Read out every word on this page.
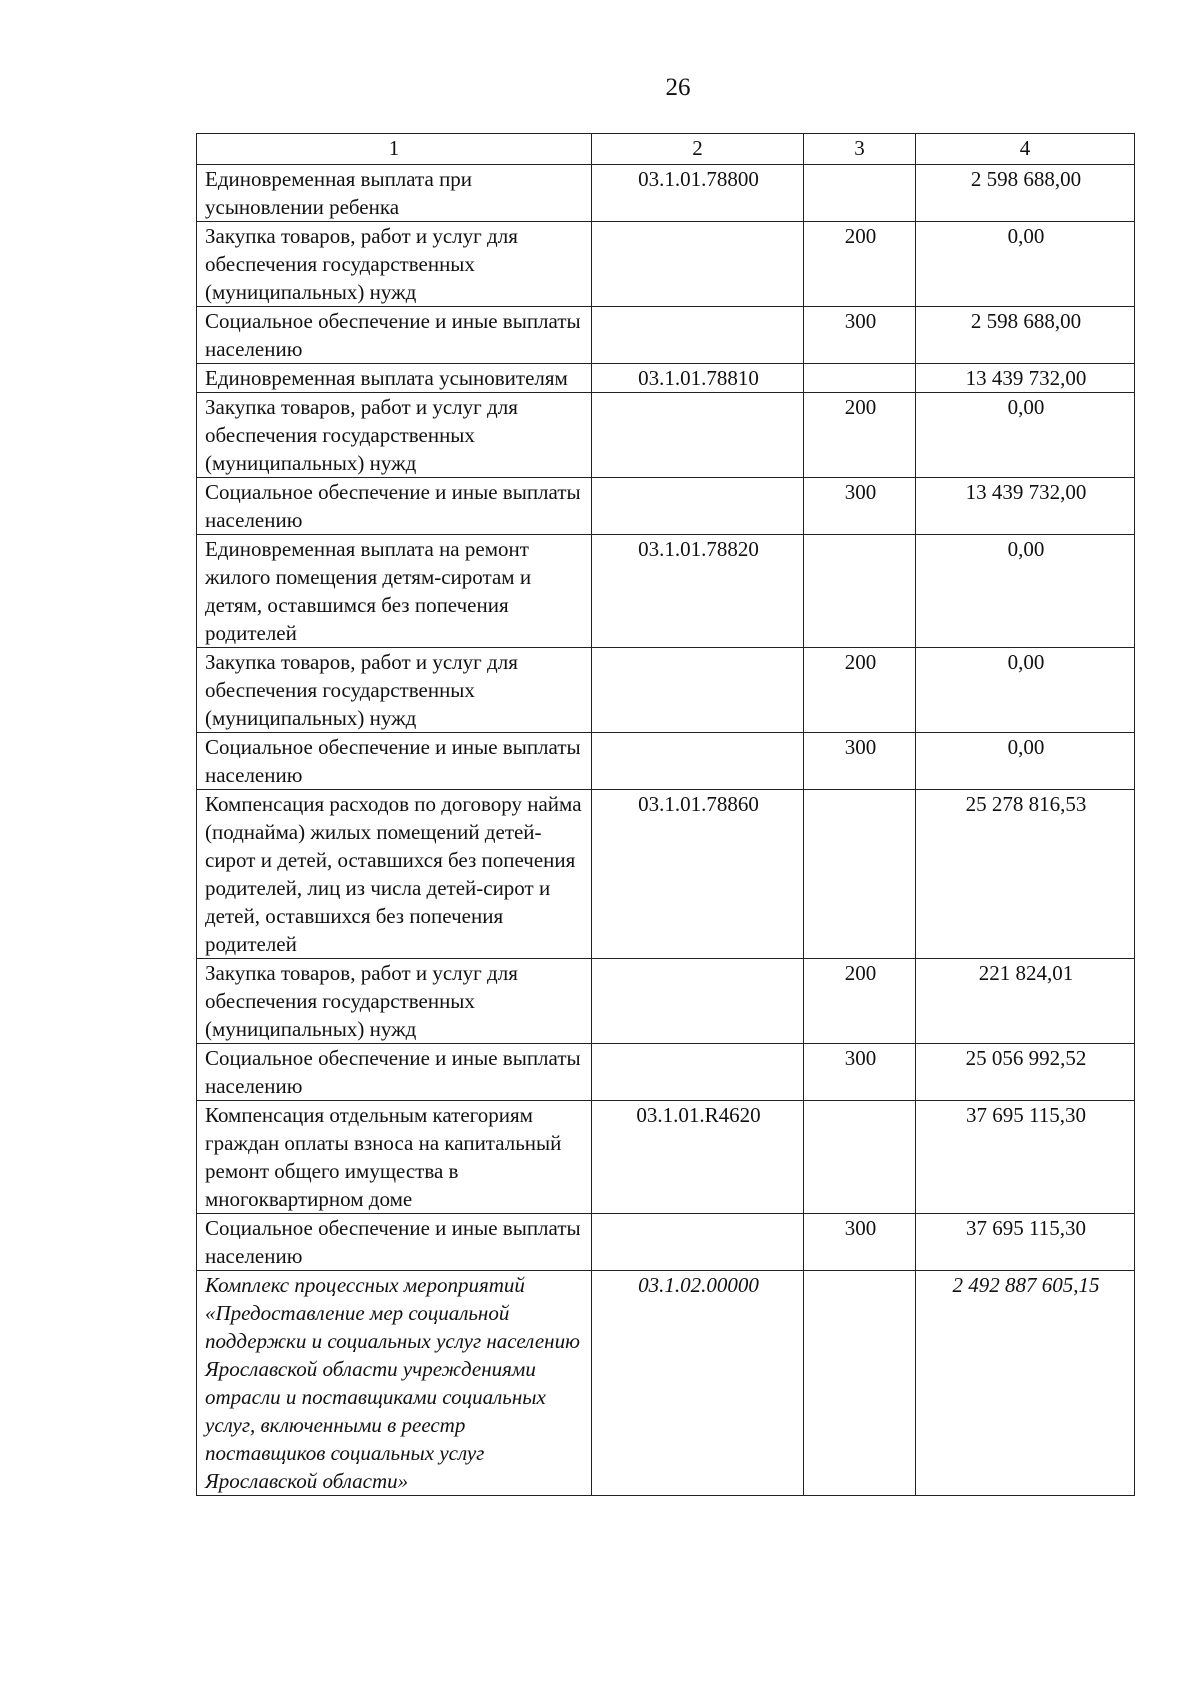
26
1	2	3	4
Единовременная выплата при усыновлении ребенка	03.1.01.78800		2 598 688,00
Закупка товаров, работ и услуг для обеспечения государственных (муниципальных) нужд		200	0,00
Социальное обеспечение и иные выплаты населению		300	2 598 688,00
Единовременная выплата усыновителям	03.1.01.78810		13 439 732,00
Закупка товаров, работ и услуг для обеспечения государственных (муниципальных) нужд		200	0,00
Социальное обеспечение и иные выплаты населению		300	13 439 732,00
Единовременная выплата на ремонт жилого помещения детям-сиротам и детям, оставшимся без попечения родителей	03.1.01.78820		0,00
Закупка товаров, работ и услуг для обеспечения государственных (муниципальных) нужд		200	0,00
Социальное обеспечение и иные выплаты населению		300	0,00
Компенсация расходов по договору найма (поднайма) жилых помещений детей-сирот и детей, оставшихся без попечения родителей, лиц из числа детей-сирот и детей, оставшихся без попечения родителей	03.1.01.78860		25 278 816,53
Закупка товаров, работ и услуг для обеспечения государственных (муниципальных) нужд		200	221 824,01
Социальное обеспечение и иные выплаты населению		300	25 056 992,52
Компенсация отдельным категориям граждан оплаты взноса на капитальный ремонт общего имущества в многоквартирном доме	03.1.01.R4620		37 695 115,30
Социальное обеспечение и иные выплаты населению		300	37 695 115,30
Комплекс процессных мероприятий «Предоставление мер социальной поддержки и социальных услуг населению Ярославской области учреждениями отрасли и поставщиками социальных услуг, включенными в реестр поставщиков социальных услуг Ярославской области»	03.1.02.00000		2 492 887 605,15
